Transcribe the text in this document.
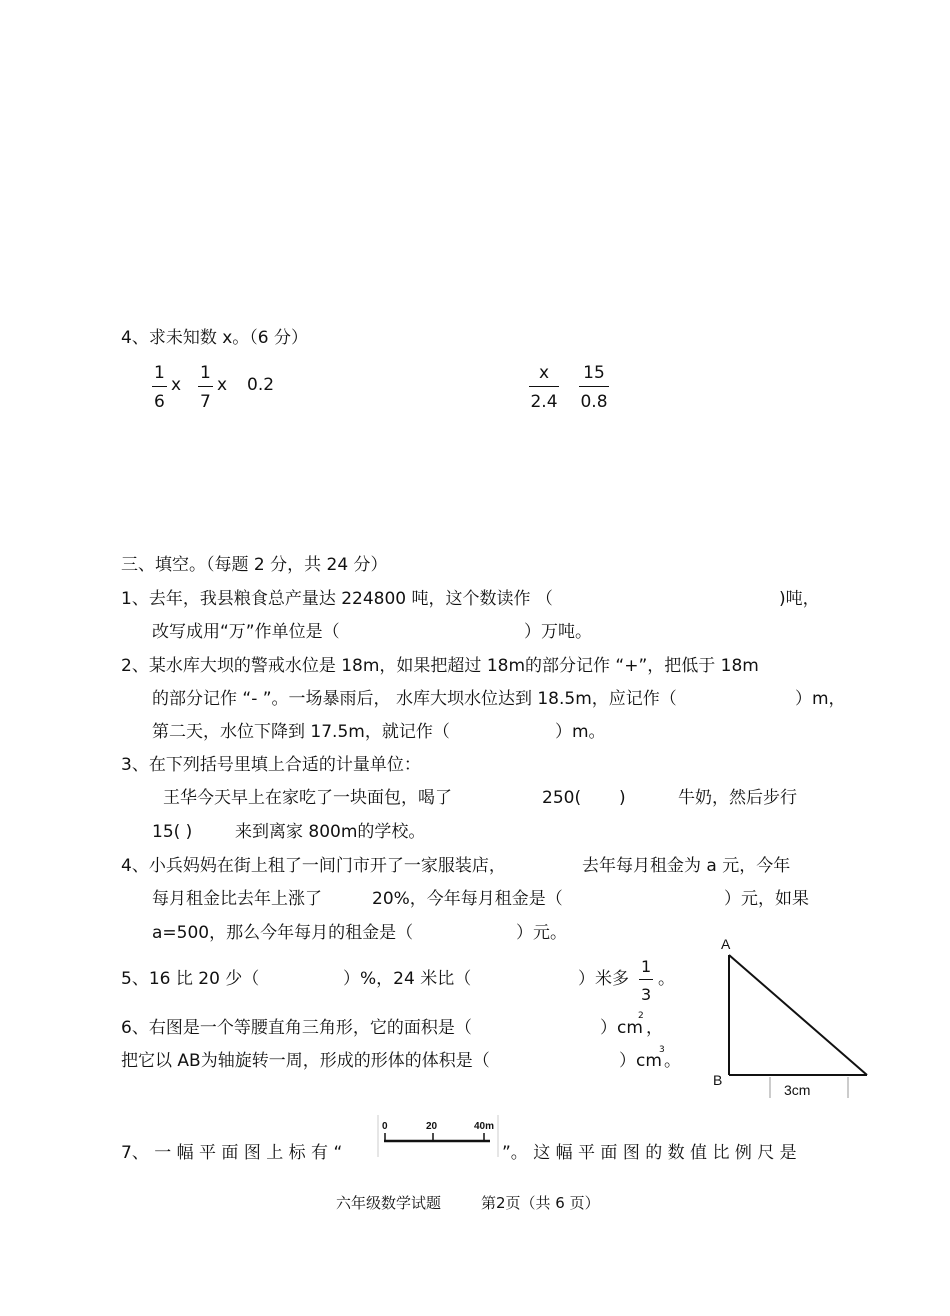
4、求未知数 x。（6 分）
1
6
x
1
7
x 0.2
x
2.4
15
0.8
三、填空。（每题 2 分，共 24 分）
1、去年，我县粮食总产量达 224800 吨，这个数读作 （	)吨，
改写成用“万”作单位是（	）万吨。
2、某水库大坝的警戒水位是 18m，如果把超过 18m的部分记作 “+”，把低于 18m
的部分记作 “- ”。一场暴雨后， 水库大坝水位达到 18.5m，应记作（	）m，
第二天，水位下降到 17.5m，就记作（	）m。
3、在下列括号里填上合适的计量单位：
王华今天早上在家吃了一块面包，喝了	250( )	牛奶，然后步行
15( )	来到离家 800m的学校。
4、小兵妈妈在街上租了一间门市开了一家服装店，	去年每月租金为 a 元，今年
每月租金比去年上涨了	20%，今年每月租金是（	）元，如果
a=500，那么今年每月的租金是（	）元。
5、16 比 20 少（	）%，24 米比（	）米多
1
3
。
6、右图是一个等腰直角三角形，它的面积是（	）cm
2
，
把它以 AB为轴旋转一周，形成的形体的体积是（	）cm
3
。
A
B
3cm
7、 一 幅 平 面 图 上 标 有 “
0	20	40m
”。 这 幅 平 面 图 的 数 值 比 例 尺 是
六年级数学试题	第2页（共 6 页）
